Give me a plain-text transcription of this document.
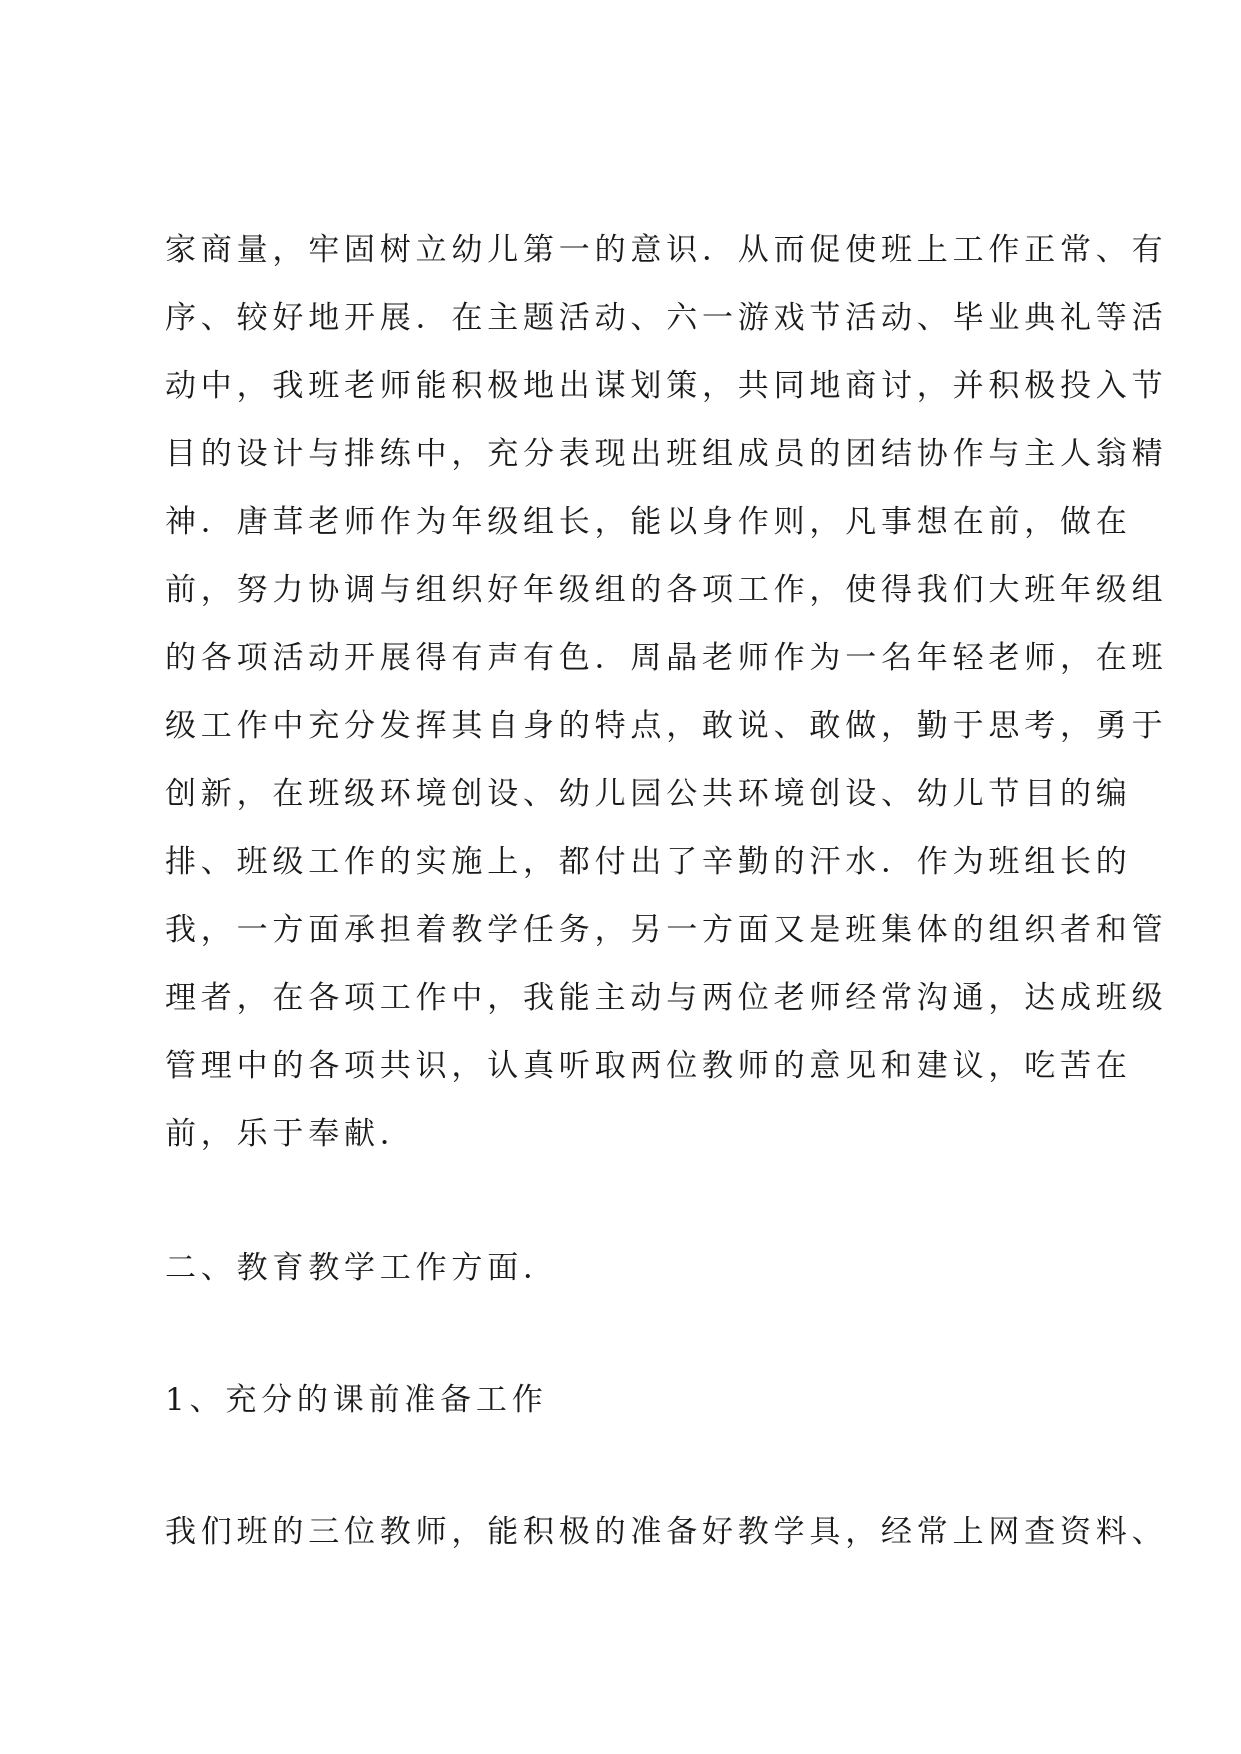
家商量，牢固树立幼儿第一的意识．从而促使班上工作正常、有
序、较好地开展．在主题活动、六一游戏节活动、毕业典礼等活
动中，我班老师能积极地出谋划策，共同地商讨，并积极投入节
目的设计与排练中，充分表现出班组成员的团结协作与主人翁精
神．唐茸老师作为年级组长，能以身作则，凡事想在前，做在
前，努力协调与组织好年级组的各项工作，使得我们大班年级组
的各项活动开展得有声有色．周晶老师作为一名年轻老师，在班
级工作中充分发挥其自身的特点，敢说、敢做，勤于思考，勇于
创新，在班级环境创设、幼儿园公共环境创设、幼儿节目的编
排、班级工作的实施上，都付出了辛勤的汗水．作为班组长的
我，一方面承担着教学任务，另一方面又是班集体的组织者和管
理者，在各项工作中，我能主动与两位老师经常沟通，达成班级
管理中的各项共识，认真听取两位教师的意见和建议，吃苦在
前，乐于奉献．
二、教育教学工作方面．
1、充分的课前准备工作
我们班的三位教师，能积极的准备好教学具，经常上网查资料、
